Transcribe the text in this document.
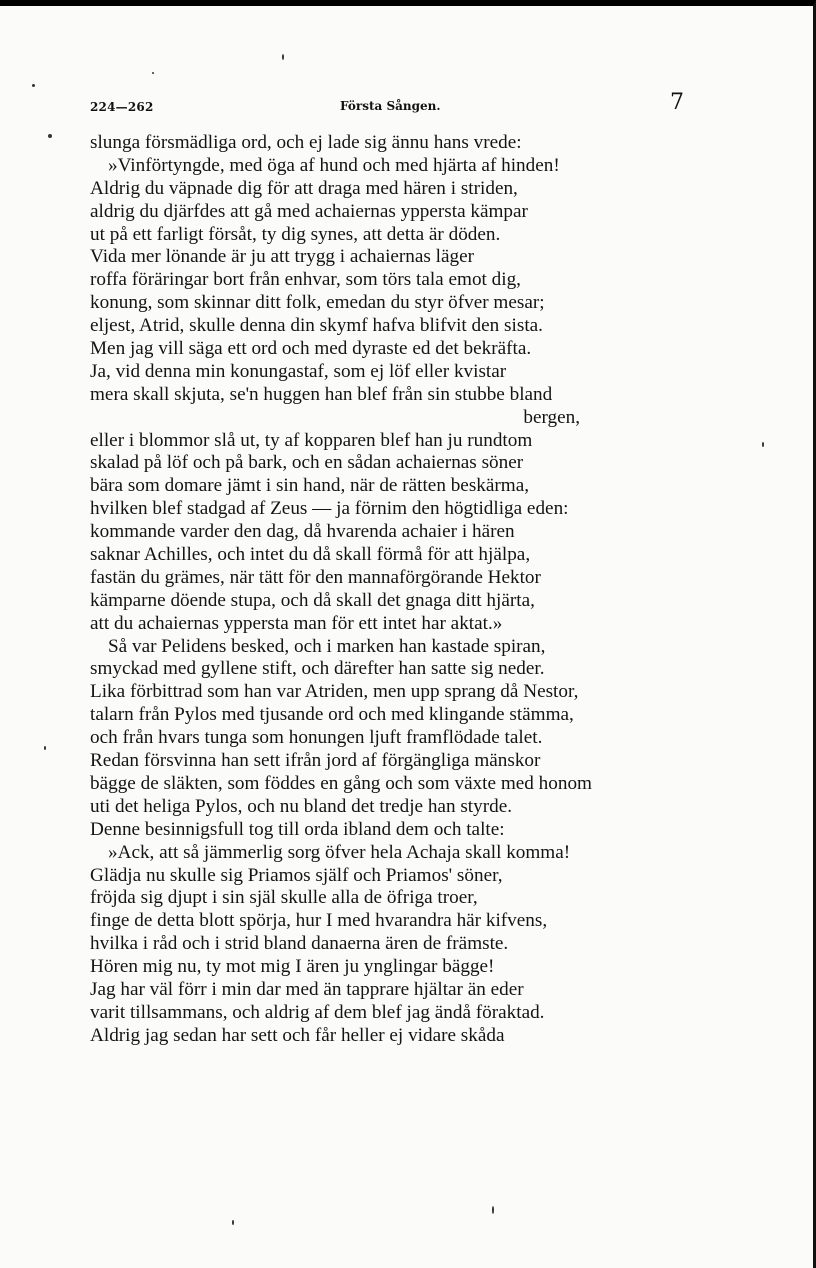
224—262	Första Sången.	7
slunga försmädliga ord, och ej lade sig ännu hans vrede:
»Vinförtyngde, med öga af hund och med hjärta af hinden!
Aldrig du väpnade dig för att draga med hären i striden,
aldrig du djärfdes att gå med achaiernas yppersta kämpar
ut på ett farligt försåt, ty dig synes, att detta är döden.
Vida mer lönande är ju att trygg i achaiernas läger
roffa föräringar bort från enhvar, som törs tala emot dig,
konung, som skinnar ditt folk, emedan du styr öfver mesar;
eljest, Atrid, skulle denna din skymf hafva blifvit den sista.
Men jag vill säga ett ord och med dyraste ed det bekräfta.
Ja, vid denna min konungastaf, som ej löf eller kvistar
mera skall skjuta, se'n huggen han blef från sin stubbe bland
bergen,
eller i blommor slå ut, ty af kopparen blef han ju rundtom
skalad på löf och på bark, och en sådan achaiernas söner
bära som domare jämt i sin hand, när de rätten beskärma,
hvilken blef stadgad af Zeus — ja förnim den högtidliga eden:
kommande varder den dag, då hvarenda achaier i hären
saknar Achilles, och intet du då skall förmå för att hjälpa,
fastän du grämes, när tätt för den mannaförgörande Hektor
kämparne döende stupa, och då skall det gnaga ditt hjärta,
att du achaiernas yppersta man för ett intet har aktat.»
Så var Pelidens besked, och i marken han kastade spiran,
smyckad med gyllene stift, och därefter han satte sig neder.
Lika förbittrad som han var Atriden, men upp sprang då Nestor,
talarn från Pylos med tjusande ord och med klingande stämma,
och från hvars tunga som honungen ljuft framflödade talet.
Redan försvinna han sett ifrån jord af förgängliga mänskor
bägge de släkten, som föddes en gång och som växte med honom
uti det heliga Pylos, och nu bland det tredje han styrde.
Denne besinnigsfull tog till orda ibland dem och talte:
»Ack, att så jämmerlig sorg öfver hela Achaja skall komma!
Glädja nu skulle sig Priamos själf och Priamos' söner,
fröjda sig djupt i sin själ skulle alla de öfriga troer,
finge de detta blott spörja, hur I med hvarandra här kifvens,
hvilka i råd och i strid bland danaerna ären de främste.
Hören mig nu, ty mot mig I ären ju ynglingar bägge!
Jag har väl förr i min dar med än tapprare hjältar än eder
varit tillsammans, och aldrig af dem blef jag ändå föraktad.
Aldrig jag sedan har sett och får heller ej vidare skåda
